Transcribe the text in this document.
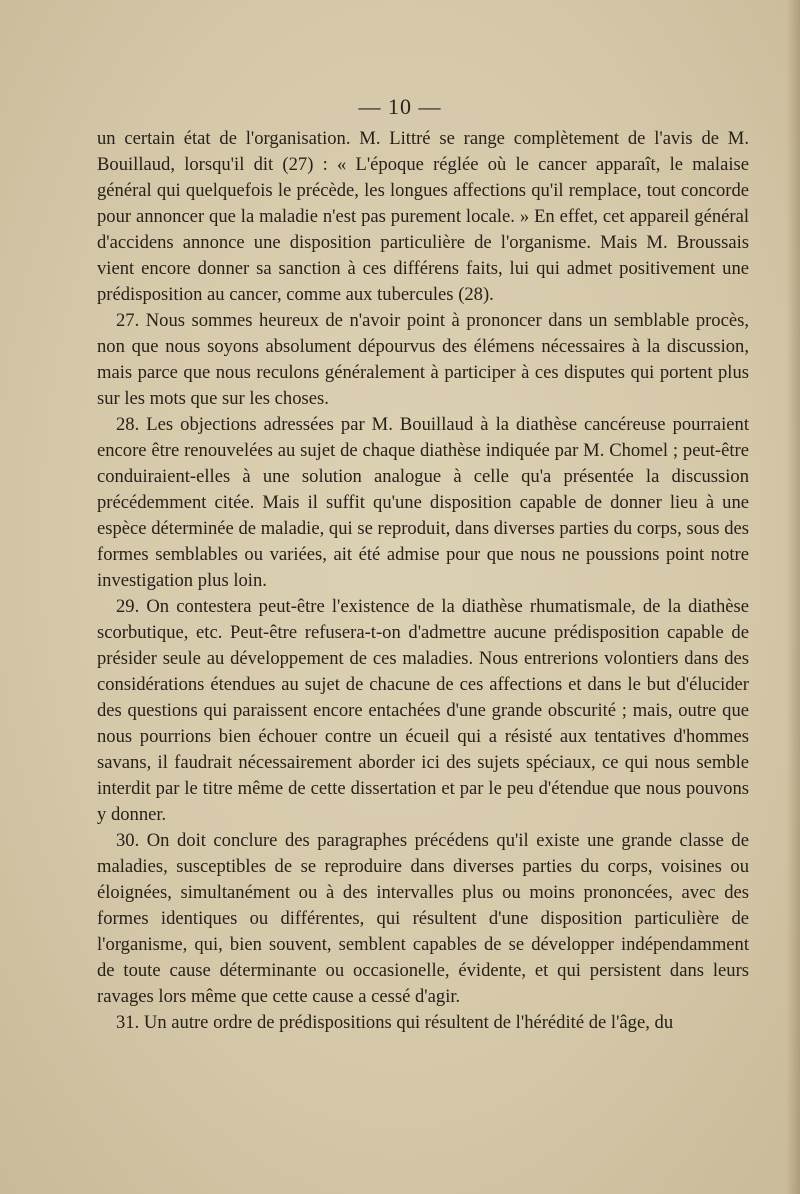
— 10 —

un certain état de l'organisation. M. Littré se range complètement de l'avis de M. Bouillaud, lorsqu'il dit (27) : « L'époque réglée où le cancer apparaît, le malaise général qui quelquefois le précède, les longues affections qu'il remplace, tout concorde pour annoncer que la maladie n'est pas purement locale. » En effet, cet appareil général d'accidens annonce une disposition particulière de l'organisme. Mais M. Broussais vient encore donner sa sanction à ces différens faits, lui qui admet positivement une prédisposition au cancer, comme aux tubercules (28).

27. Nous sommes heureux de n'avoir point à prononcer dans un semblable procès, non que nous soyons absolument dépourvus des élémens nécessaires à la discussion, mais parce que nous reculons généralement à participer à ces disputes qui portent plus sur les mots que sur les choses.

28. Les objections adressées par M. Bouillaud à la diathèse cancéreuse pourraient encore être renouvelées au sujet de chaque diathèse indiquée par M. Chomel ; peut-être conduiraient-elles à une solution analogue à celle qu'a présentée la discussion précédemment citée. Mais il suffit qu'une disposition capable de donner lieu à une espèce déterminée de maladie, qui se reproduit, dans diverses parties du corps, sous des formes semblables ou variées, ait été admise pour que nous ne poussions point notre investigation plus loin.

29. On contestera peut-être l'existence de la diathèse rhumatismale, de la diathèse scorbutique, etc. Peut-être refusera-t-on d'admettre aucune prédisposition capable de présider seule au développement de ces maladies. Nous entrerions volontiers dans des considérations étendues au sujet de chacune de ces affections et dans le but d'élucider des questions qui paraissent encore entachées d'une grande obscurité ; mais, outre que nous pourrions bien échouer contre un écueil qui a résisté aux tentatives d'hommes savans, il faudrait nécessairement aborder ici des sujets spéciaux, ce qui nous semble interdit par le titre même de cette dissertation et par le peu d'étendue que nous pouvons y donner.

30. On doit conclure des paragraphes précédens qu'il existe une grande classe de maladies, susceptibles de se reproduire dans diverses parties du corps, voisines ou éloignées, simultanément ou à des intervalles plus ou moins prononcées, avec des formes identiques ou différentes, qui résultent d'une disposition particulière de l'organisme, qui, bien souvent, semblent capables de se développer indépendamment de toute cause déterminante ou occasionelle, évidente, et qui persistent dans leurs ravages lors même que cette cause a cessé d'agir.

31. Un autre ordre de prédispositions qui résultent de l'hérédité de l'âge, du
